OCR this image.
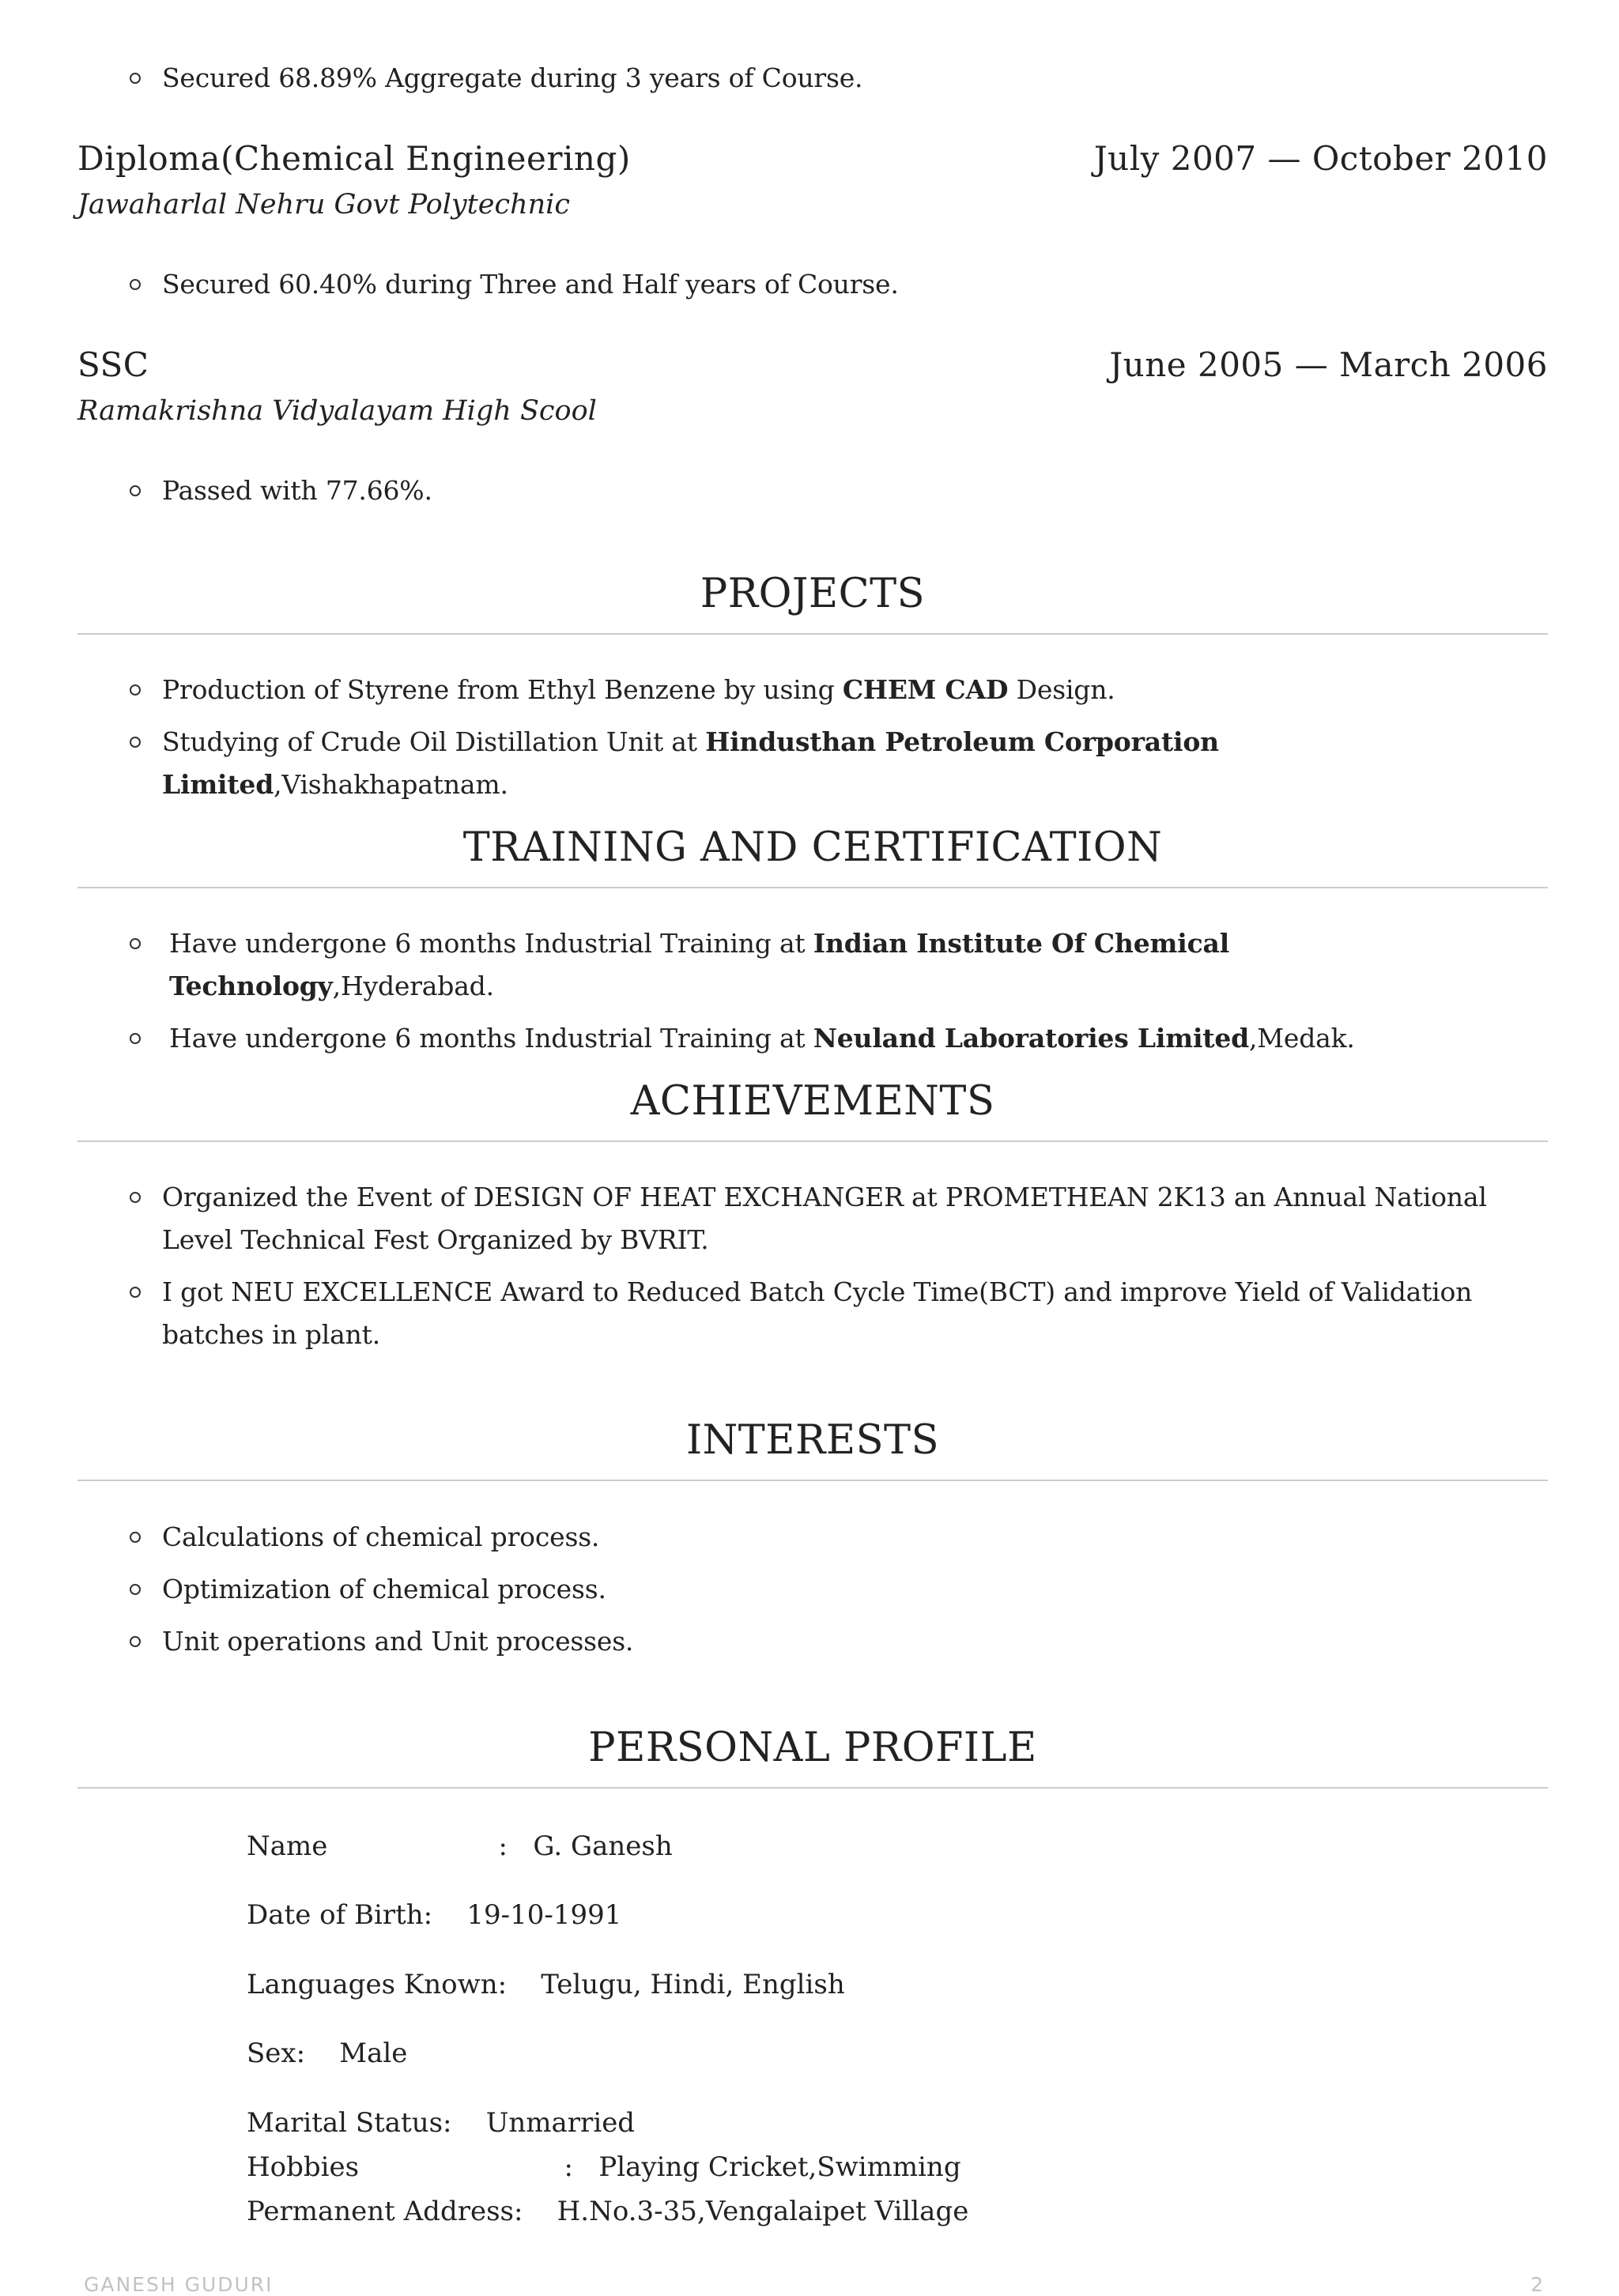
Secured 68.89% Aggregate during 3 years of Course.
Diploma(Chemical Engineering)	July 2007 — October 2010
Jawaharlal Nehru Govt Polytechnic
Secured 60.40% during Three and Half years of Course.
SSC	June 2005 — March 2006
Ramakrishna Vidyalayam High Scool
Passed with 77.66%.
PROJECTS
Production of Styrene from Ethyl Benzene by using CHEM CAD Design.
Studying of Crude Oil Distillation Unit at Hindusthan Petroleum Corporation Limited,Vishakhapatnam.
TRAINING AND CERTIFICATION
Have undergone 6 months Industrial Training at Indian Institute Of Chemical Technology,Hyderabad.
Have undergone 6 months Industrial Training at Neuland Laboratories Limited,Medak.
ACHIEVEMENTS
Organized the Event of DESIGN OF HEAT EXCHANGER at PROMETHEAN 2K13 an Annual National Level Technical Fest Organized by BVRIT.
I got NEU EXCELLENCE Award to Reduced Batch Cycle Time(BCT) and improve Yield of Validation batches in plant.
INTERESTS
Calculations of chemical process.
Optimization of chemical process.
Unit operations and Unit processes.
PERSONAL PROFILE
Name                    :   G. Ganesh
Date of Birth:    19-10-1991
Languages Known:    Telugu, Hindi, English
Sex:    Male
Marital Status:    Unmarried
Hobbies                        :   Playing Cricket,Swimming
Permanent Address:    H.No.3-35,Vengalaipet Village
GANESH GUDURI	2
